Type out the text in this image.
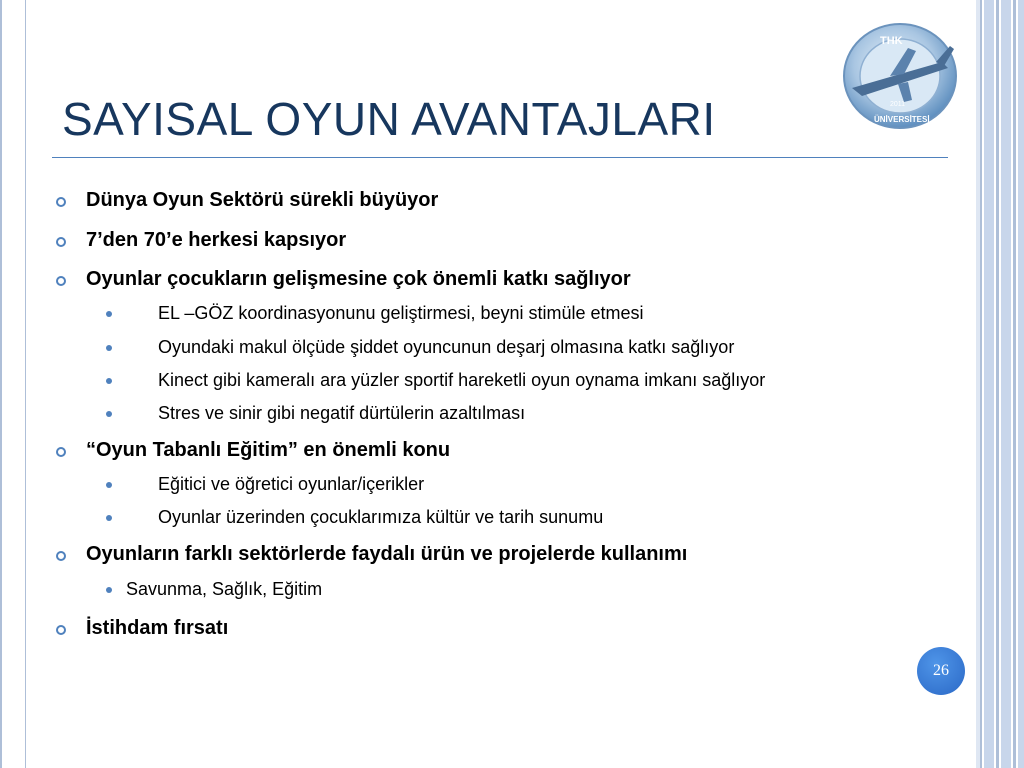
SAYISAL OYUN AVANTAJLARI
THK
2011
ÜNİVERSİTESİ
Dünya Oyun Sektörü sürekli büyüyor
7’den 70’e herkesi kapsıyor
Oyunlar çocukların gelişmesine çok önemli katkı sağlıyor
EL –GÖZ koordinasyonunu geliştirmesi, beyni stimüle etmesi
Oyundaki makul ölçüde şiddet oyuncunun deşarj olmasına katkı sağlıyor
Kinect gibi kameralı ara yüzler sportif hareketli oyun oynama imkanı sağlıyor
Stres ve sinir gibi negatif dürtülerin azaltılması
“Oyun Tabanlı Eğitim” en önemli konu
Eğitici ve öğretici oyunlar/içerikler
Oyunlar üzerinden çocuklarımıza kültür ve tarih sunumu
Oyunların farklı sektörlerde faydalı ürün ve projelerde kullanımı
Savunma, Sağlık, Eğitim
İstihdam fırsatı
26
